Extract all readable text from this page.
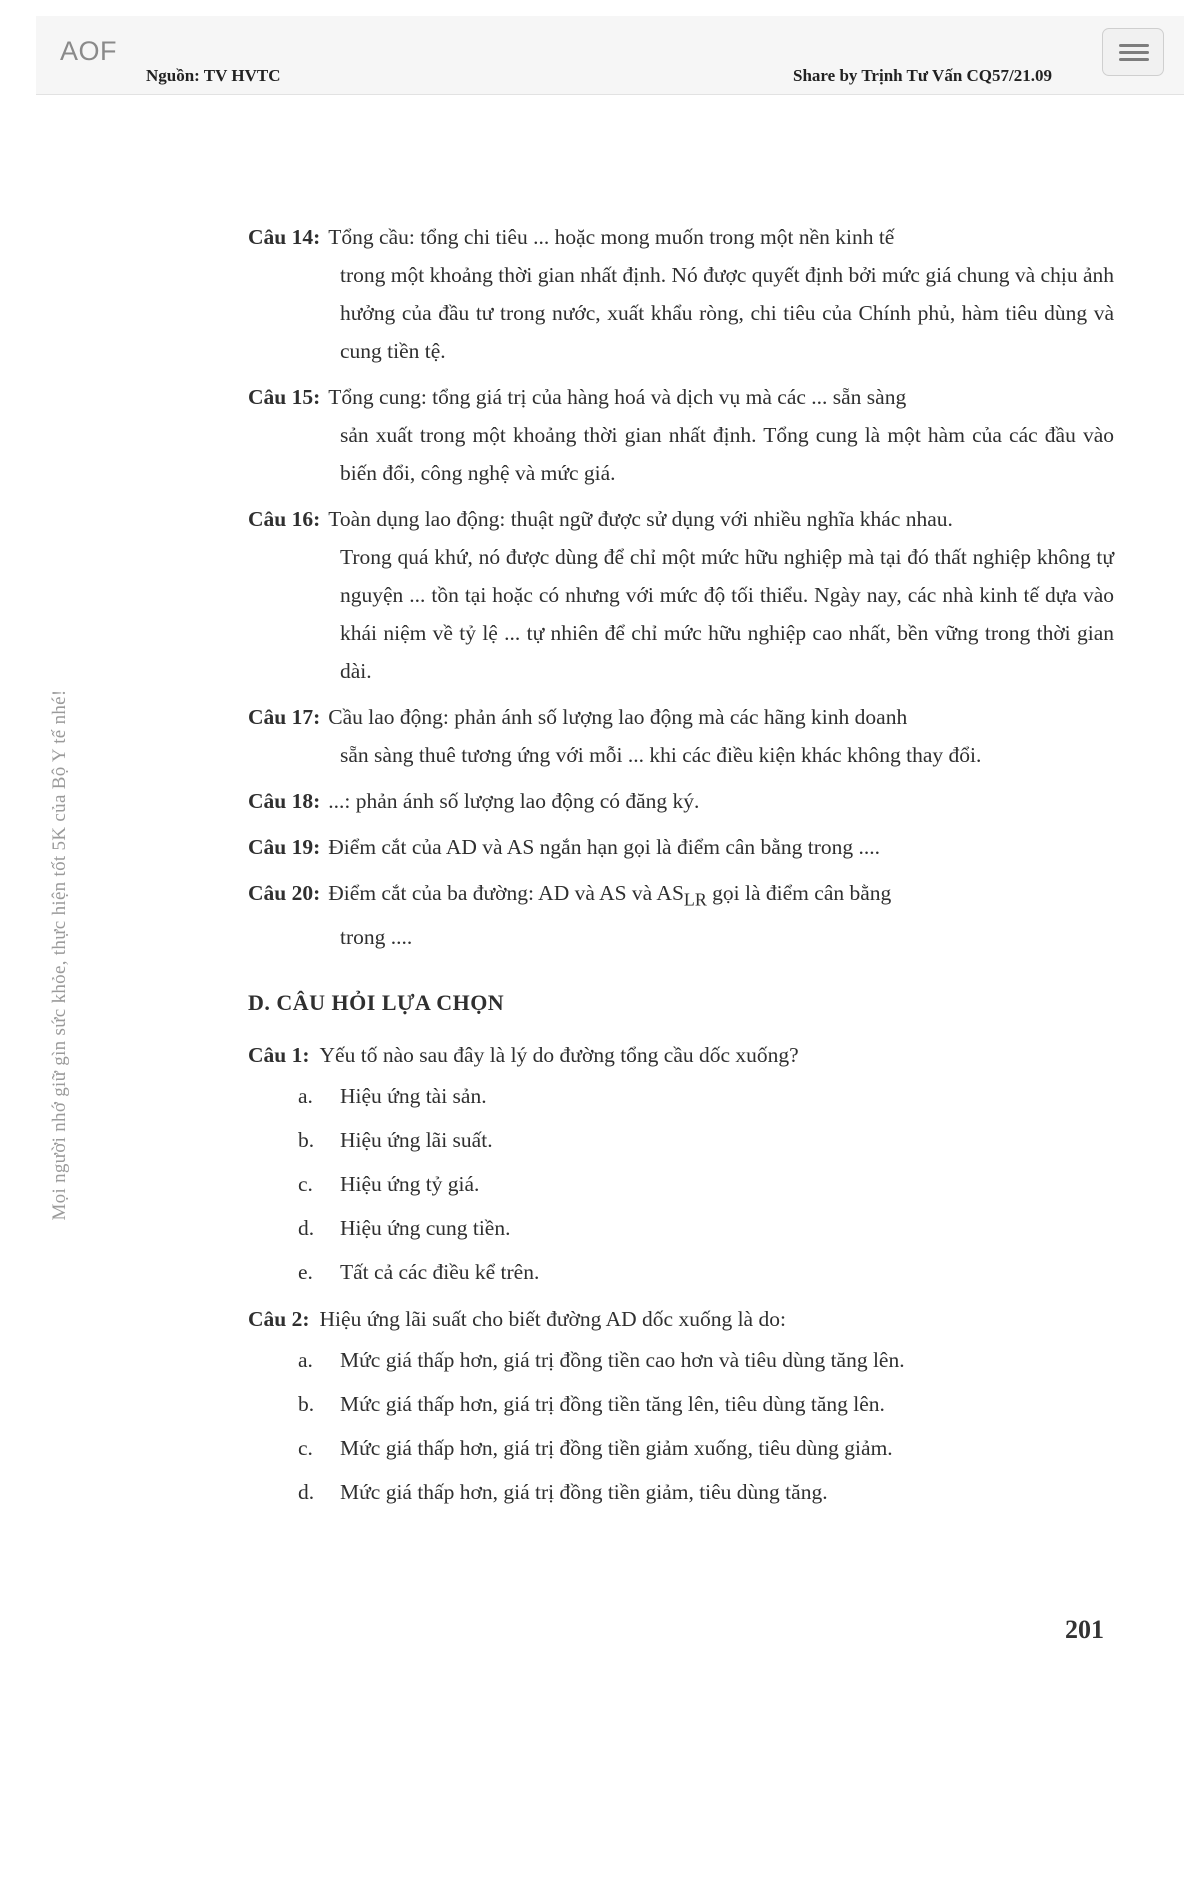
AOF
Nguồn: TV HVTC	Share by Trịnh Tư Vấn CQ57/21.09
Mọi người nhớ giữ gìn sức khỏe, thực hiện tốt 5K của Bộ Y tế nhé!
Câu 14: Tổng cầu: tổng chi tiêu ... hoặc mong muốn trong một nền kinh tế
trong một khoảng thời gian nhất định. Nó được quyết định bởi mức giá chung và chịu ảnh hưởng của đầu tư trong nước, xuất khẩu ròng, chi tiêu của Chính phủ, hàm tiêu dùng và cung tiền tệ.
Câu 15: Tổng cung: tổng giá trị của hàng hoá và dịch vụ mà các ... sẵn sàng
sản xuất trong một khoảng thời gian nhất định. Tổng cung là một hàm của các đầu vào biến đổi, công nghệ và mức giá.
Câu 16: Toàn dụng lao động: thuật ngữ được sử dụng với nhiều nghĩa khác nhau.
Trong quá khứ, nó được dùng để chỉ một mức hữu nghiệp mà tại đó thất nghiệp không tự nguyện ... tồn tại hoặc có nhưng với mức độ tối thiểu. Ngày nay, các nhà kinh tế dựa vào khái niệm về tỷ lệ ... tự nhiên để chỉ mức hữu nghiệp cao nhất, bền vững trong thời gian dài.
Câu 17: Cầu lao động: phản ánh số lượng lao động mà các hãng kinh doanh
sẵn sàng thuê tương ứng với mỗi ... khi các điều kiện khác không thay đổi.
Câu 18: ...: phản ánh số lượng lao động có đăng ký.
Câu 19: Điểm cắt của AD và AS ngắn hạn gọi là điểm cân bằng trong ....
Câu 20: Điểm cắt của ba đường: AD và AS và $AS_{LR}$ gọi là điểm cân bằng
trong ....
D. CÂU HỎI LỰA CHỌN
Câu 1: Yếu tố nào sau đây là lý do đường tổng cầu dốc xuống?
a.	Hiệu ứng tài sản.
b.	Hiệu ứng lãi suất.
c.	Hiệu ứng tỷ giá.
d.	Hiệu ứng cung tiền.
e.	Tất cả các điều kể trên.
Câu 2: Hiệu ứng lãi suất cho biết đường AD dốc xuống là do:
a.	Mức giá thấp hơn, giá trị đồng tiền cao hơn và tiêu dùng tăng lên.
b.	Mức giá thấp hơn, giá trị đồng tiền tăng lên, tiêu dùng tăng lên.
c.	Mức giá thấp hơn, giá trị đồng tiền giảm xuống, tiêu dùng giảm.
d.	Mức giá thấp hơn, giá trị đồng tiền giảm, tiêu dùng tăng.
201
